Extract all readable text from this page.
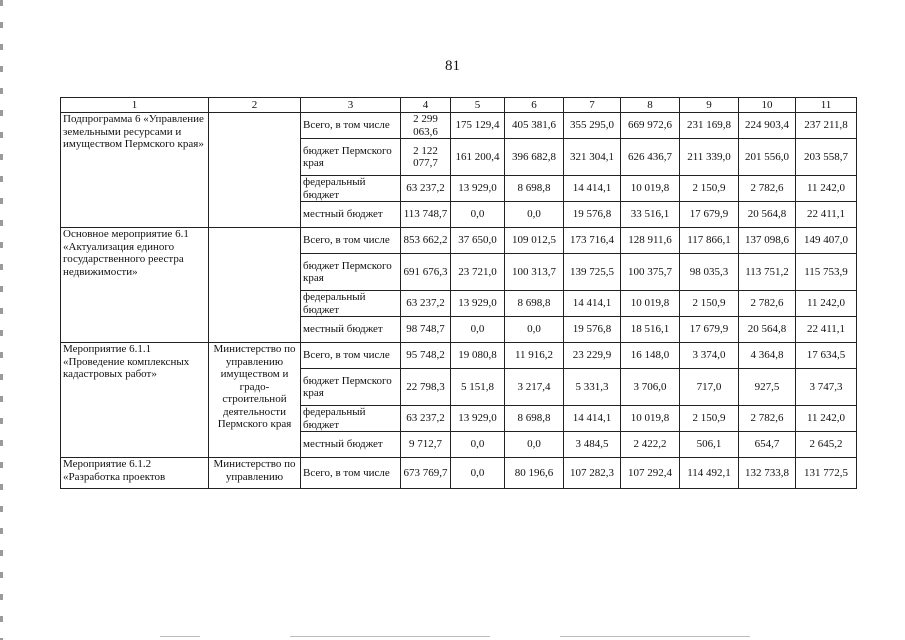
81
1	2	3	4	5	6	7	8	9	10	11
Подпрограмма 6 «Управление земельными ресурсами и имуществом Пермского края»		Всего, в том числе	2 299 063,6	175 129,4	405 381,6	355 295,0	669 972,6	231 169,8	224 903,4	237 211,8
		бюджет Пермского края	2 122 077,7	161 200,4	396 682,8	321 304,1	626 436,7	211 339,0	201 556,0	203 558,7
		федеральный бюджет	63 237,2	13 929,0	8 698,8	14 414,1	10 019,8	2 150,9	2 782,6	11 242,0
		местный бюджет	113 748,7	0,0	0,0	19 576,8	33 516,1	17 679,9	20 564,8	22 411,1
Основное мероприятие 6.1 «Актуализация единого государственного реестра недвижимости»		Всего, в том числе	853 662,2	37 650,0	109 012,5	173 716,4	128 911,6	117 866,1	137 098,6	149 407,0
		бюджет Пермского края	691 676,3	23 721,0	100 313,7	139 725,5	100 375,7	98 035,3	113 751,2	115 753,9
		федеральный бюджет	63 237,2	13 929,0	8 698,8	14 414,1	10 019,8	2 150,9	2 782,6	11 242,0
		местный бюджет	98 748,7	0,0	0,0	19 576,8	18 516,1	17 679,9	20 564,8	22 411,1
Мероприятие 6.1.1 «Проведение комплексных кадастровых работ»	Министерство по управлению имуществом и градо-строительной деятельности Пермского края	Всего, в том числе	95 748,2	19 080,8	11 916,2	23 229,9	16 148,0	3 374,0	4 364,8	17 634,5
		бюджет Пермского края	22 798,3	5 151,8	3 217,4	5 331,3	3 706,0	717,0	927,5	3 747,3
		федеральный бюджет	63 237,2	13 929,0	8 698,8	14 414,1	10 019,8	2 150,9	2 782,6	11 242,0
		местный бюджет	9 712,7	0,0	0,0	3 484,5	2 422,2	506,1	654,7	2 645,2
Мероприятие 6.1.2 «Разработка проектов	Министерство по управлению	Всего, в том числе	673 769,7	0,0	80 196,6	107 282,3	107 292,4	114 492,1	132 733,8	131 772,5
